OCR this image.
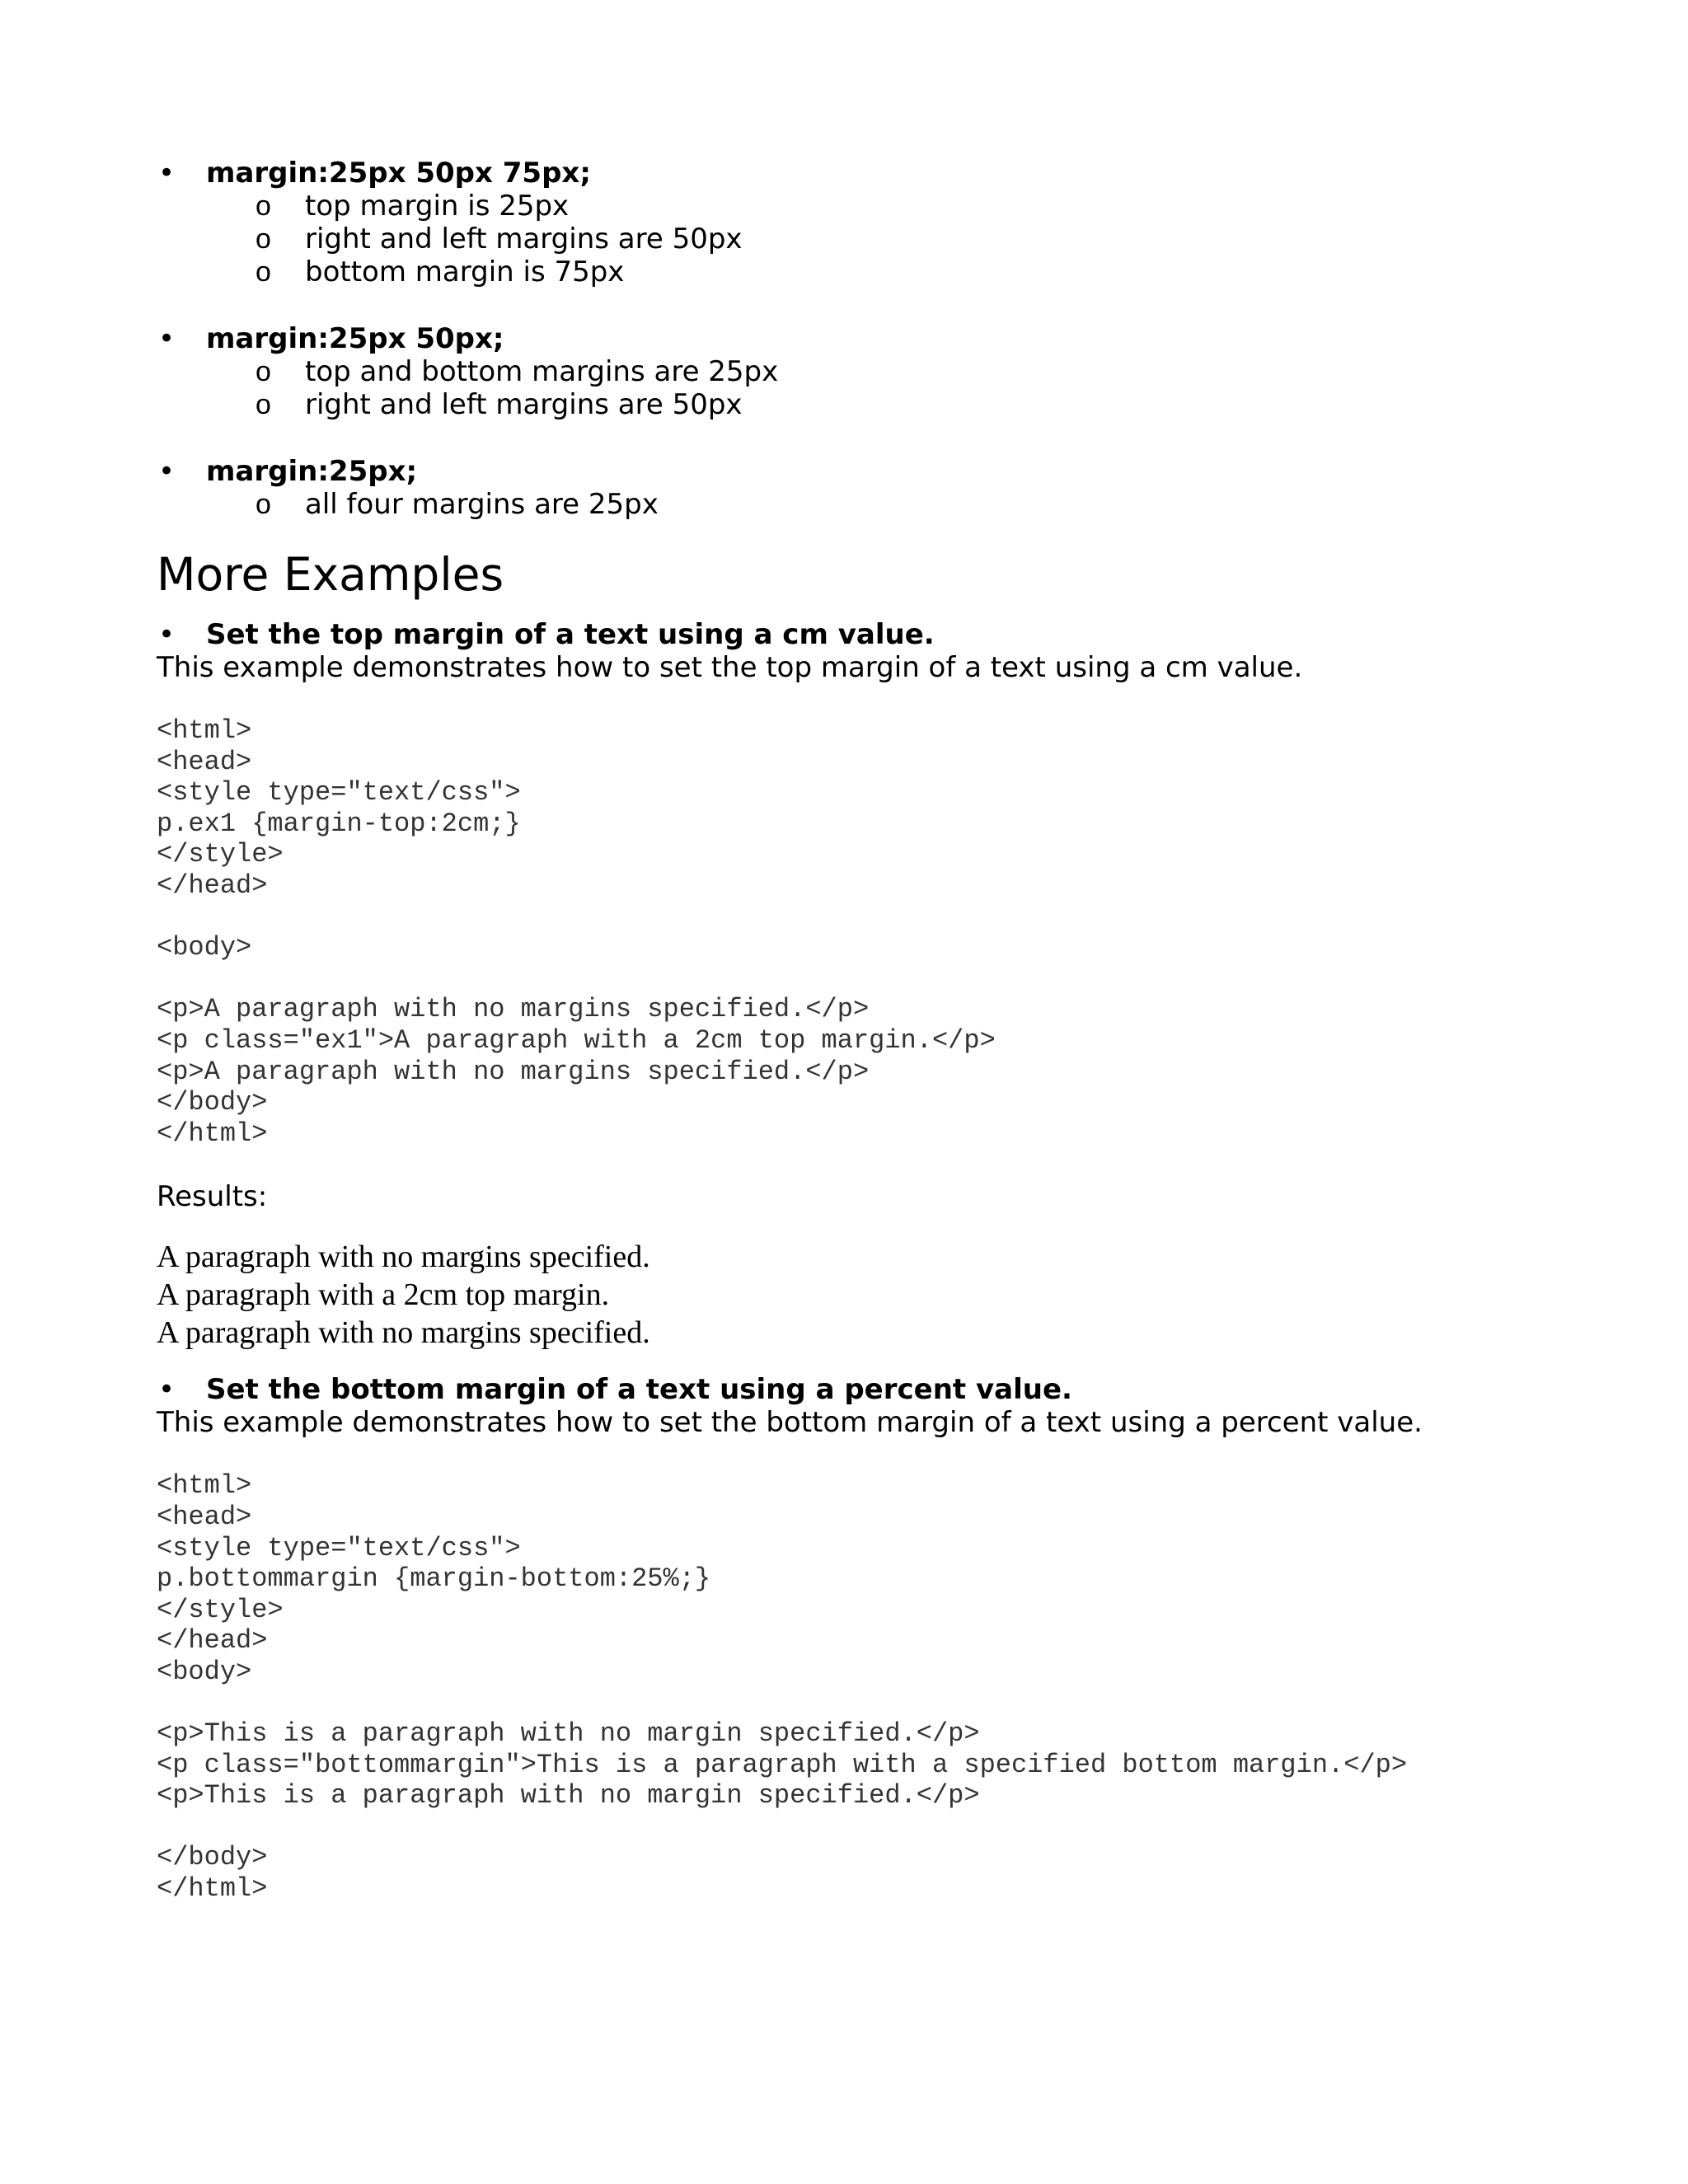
• margin:25px 50px 75px;
o top margin is 25px
o right and left margins are 50px
o bottom margin is 75px
• margin:25px 50px;
o top and bottom margins are 25px
o right and left margins are 50px
• margin:25px;
o all four margins are 25px
More Examples
• Set the top margin of a text using a cm value.
This example demonstrates how to set the top margin of a text using a cm value.
<html>
<head>
<style type="text/css">
p.ex1 {margin-top:2cm;}
</style>
</head>

<body>

<p>A paragraph with no margins specified.</p>
<p class="ex1">A paragraph with a 2cm top margin.</p>
<p>A paragraph with no margins specified.</p>
</body>
</html>
Results:
A paragraph with no margins specified.
A paragraph with a 2cm top margin.
A paragraph with no margins specified.
• Set the bottom margin of a text using a percent value.
This example demonstrates how to set the bottom margin of a text using a percent value.
<html>
<head>
<style type="text/css">
p.bottommargin {margin-bottom:25%;}
</style>
</head>
<body>

<p>This is a paragraph with no margin specified.</p>
<p class="bottommargin">This is a paragraph with a specified bottom margin.</p>
<p>This is a paragraph with no margin specified.</p>

</body>
</html>
